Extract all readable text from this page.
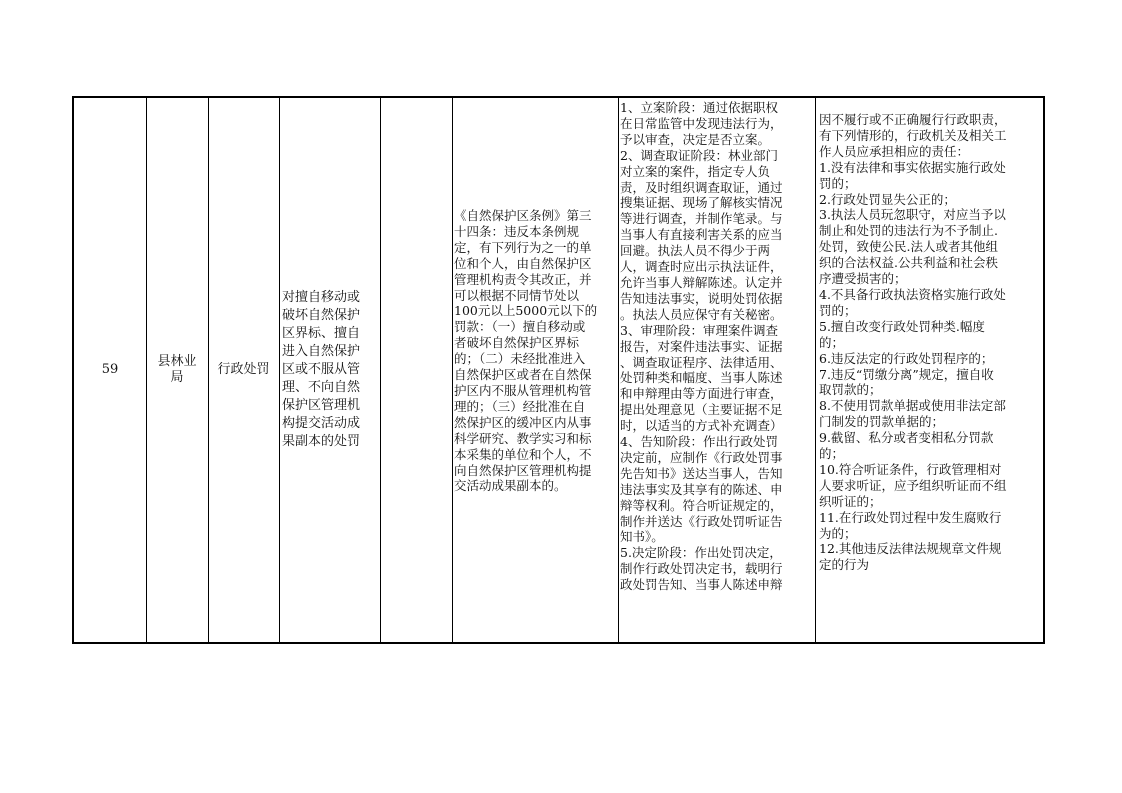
59
县林业
局
行政处罚
对擅自移动或
破坏自然保护
区界标、擅自
进入自然保护
区或不服从管
理、不向自然
保护区管理机
构提交活动成
果副本的处罚
《自然保护区条例》第三
十四条：违反本条例规
定，有下列行为之一的单
位和个人，由自然保护区
管理机构责令其改正，并
可以根据不同情节处以
100元以上5000元以下的
罚款：（一）擅自移动或
者破坏自然保护区界标
的；（二）未经批准进入
自然保护区或者在自然保
护区内不服从管理机构管
理的；（三）经批准在自
然保护区的缓冲区内从事
科学研究、教学实习和标
本采集的单位和个人，不
向自然保护区管理机构提
交活动成果副本的。
1、立案阶段：通过依据职权
在日常监管中发现违法行为，
予以审查，决定是否立案。
2、调查取证阶段：林业部门
对立案的案件，指定专人负
责，及时组织调查取证，通过
搜集证据、现场了解核实情况
等进行调查，并制作笔录。与
当事人有直接利害关系的应当
回避。执法人员不得少于两
人，调查时应出示执法证件，
允许当事人辩解陈述。认定并
告知违法事实，说明处罚依据
。执法人员应保守有关秘密。
3、审理阶段：审理案件调查
报告，对案件违法事实、证据
、调查取证程序、法律适用、
处罚种类和幅度、当事人陈述
和申辩理由等方面进行审查，
提出处理意见（主要证据不足
时，以适当的方式补充调查）
4、告知阶段：作出行政处罚
决定前，应制作《行政处罚事
先告知书》送达当事人，告知
违法事实及其享有的陈述、申
辩等权利。符合听证规定的，
制作并送达《行政处罚听证告
知书》。
5.决定阶段：作出处罚决定，
制作行政处罚决定书，载明行
政处罚告知、当事人陈述申辩
因不履行或不正确履行行政职责，
有下列情形的，行政机关及相关工
作人员应承担相应的责任：
1.没有法律和事实依据实施行政处
罚的；
2.行政处罚显失公正的；
3.执法人员玩忽职守，对应当予以
制止和处罚的违法行为不予制止.
处罚，致使公民.法人或者其他组
织的合法权益.公共利益和社会秩
序遭受损害的；
4.不具备行政执法资格实施行政处
罚的；
5.擅自改变行政处罚种类.幅度
的；
6.违反法定的行政处罚程序的；
7.违反“罚缴分离”规定，擅自收
取罚款的；
8.不使用罚款单据或使用非法定部
门制发的罚款单据的；
9.截留、私分或者变相私分罚款
的；
10.符合听证条件，行政管理相对
人要求听证，应予组织听证而不组
织听证的；
11.在行政处罚过程中发生腐败行
为的；
12.其他违反法律法规规章文件规
定的行为
